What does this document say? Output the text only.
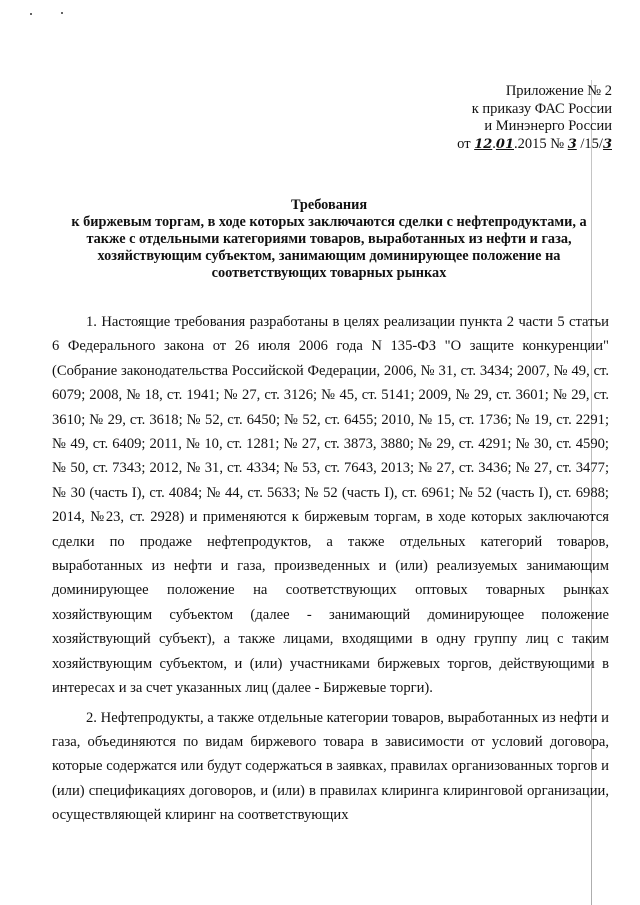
Приложение № 2
к приказу ФАС России
и Минэнерго России
от 12.01.2015 № 3 /15/3
Требования
к биржевым торгам, в ходе которых заключаются сделки с нефтепродуктами, а
также с отдельными категориями товаров, выработанных из нефти и газа,
хозяйствующим субъектом, занимающим доминирующее положение на
соответствующих товарных рынках

1. Настоящие требования разработаны в целях реализации пункта 2 части 5 статьи 6 Федерального закона от 26 июля 2006 года N 135-ФЗ "О защите конкуренции" (Собрание законодательства Российской Федерации, 2006, № 31, ст. 3434; 2007, № 49, ст. 6079; 2008, № 18, ст. 1941; № 27, ст. 3126; № 45, ст. 5141; 2009, № 29, ст. 3601; № 29, ст. 3610; № 29, ст. 3618; № 52, ст. 6450; № 52, ст. 6455; 2010, № 15, ст. 1736; № 19, ст. 2291; № 49, ст. 6409; 2011, № 10, ст. 1281; № 27, ст. 3873, 3880; № 29, ст. 4291; № 30, ст. 4590; № 50, ст. 7343; 2012, № 31, ст. 4334; № 53, ст. 7643, 2013; № 27, ст. 3436; № 27, ст. 3477; № 30 (часть I), ст. 4084; № 44, ст. 5633; № 52 (часть I), ст. 6961; № 52 (часть I), ст. 6988; 2014, №23, ст. 2928) и применяются к биржевым торгам, в ходе которых заключаются сделки по продаже нефтепродуктов, а также отдельных категорий товаров, выработанных из нефти и газа, произведенных и (или) реализуемых занимающим доминирующее положение на соответствующих оптовых товарных рынках хозяйствующим субъектом (далее - занимающий доминирующее положение хозяйствующий субъект), а также лицами, входящими в одну группу лиц с таким хозяйствующим субъектом, и (или) участниками биржевых торгов, действующими в интересах и за счет указанных лиц (далее - Биржевые торги).

2. Нефтепродукты, а также отдельные категории товаров, выработанных из нефти и газа, объединяются по видам биржевого товара в зависимости от условий договора, которые содержатся или будут содержаться в заявках, правилах организованных торгов и (или) спецификациях договоров, и (или) в правилах клиринга клиринговой организации, осуществляющей клиринг на соответствующих
